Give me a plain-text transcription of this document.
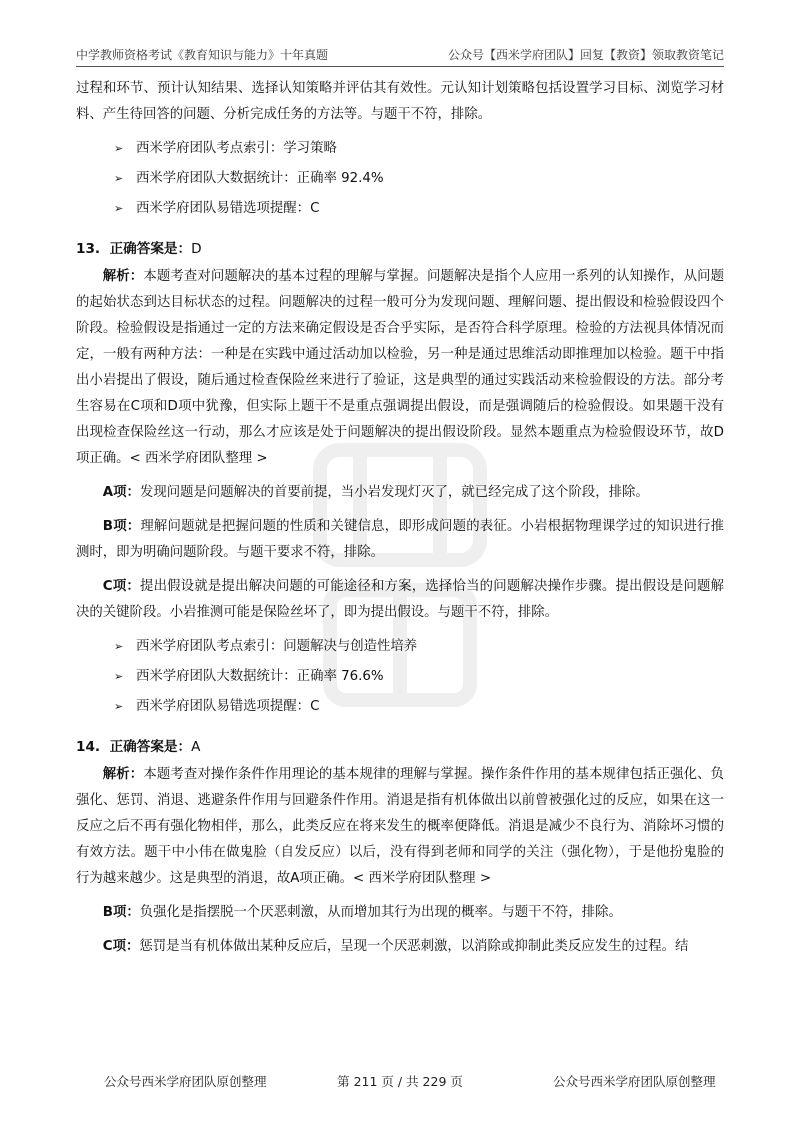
中学教师资格考试《教育知识与能力》十年真题	公众号【西米学府团队】回复【教资】领取教资笔记

过程和环节、预计认知结果、选择认知策略并评估其有效性。元认知计划策略包括设置学习目标、浏览学习材料、产生待回答的问题、分析完成任务的方法等。与题干不符，排除。

➢ 西米学府团队考点索引：学习策略
➢ 西米学府团队大数据统计：正确率 92.4%
➢ 西米学府团队易错选项提醒：C
13. 正确答案是：D

解析：本题考查对问题解决的基本过程的理解与掌握。问题解决是指个人应用一系列的认知操作，从问题的起始状态到达目标状态的过程。问题解决的过程一般可分为发现问题、理解问题、提出假设和检验假设四个阶段。检验假设是指通过一定的方法来确定假设是否合乎实际，是否符合科学原理。检验的方法视具体情况而定，一般有两种方法：一种是在实践中通过活动加以检验，另一种是通过思维活动即推理加以检验。题干中指出小岩提出了假设，随后通过检查保险丝来进行了验证，这是典型的通过实践活动来检验假设的方法。部分考生容易在C项和D项中犹豫，但实际上题干不是重点强调提出假设，而是强调随后的检验假设。如果题干没有出现检查保险丝这一行动，那么才应该是处于问题解决的提出假设阶段。显然本题重点为检验假设环节，故D项正确。< 西米学府团队整理 >

A项：发现问题是问题解决的首要前提，当小岩发现灯灭了，就已经完成了这个阶段，排除。

B项：理解问题就是把握问题的性质和关键信息，即形成问题的表征。小岩根据物理课学过的知识进行推测时，即为明确问题阶段。与题干要求不符，排除。

C项：提出假设就是提出解决问题的可能途径和方案，选择恰当的问题解决操作步骤。提出假设是问题解决的关键阶段。小岩推测可能是保险丝坏了，即为提出假设。与题干不符，排除。

➢ 西米学府团队考点索引：问题解决与创造性培养
➢ 西米学府团队大数据统计：正确率 76.6%
➢ 西米学府团队易错选项提醒：C
14. 正确答案是：A

解析：本题考查对操作条件作用理论的基本规律的理解与掌握。操作条件作用的基本规律包括正强化、负强化、惩罚、消退、逃避条件作用与回避条件作用。消退是指有机体做出以前曾被强化过的反应，如果在这一反应之后不再有强化物相伴，那么，此类反应在将来发生的概率便降低。消退是减少不良行为、消除坏习惯的有效方法。题干中小伟在做鬼脸（自发反应）以后，没有得到老师和同学的关注（强化物），于是他扮鬼脸的行为越来越少。这是典型的消退，故A项正确。< 西米学府团队整理 >

B项：负强化是指摆脱一个厌恶刺激，从而增加其行为出现的概率。与题干不符，排除。

C项：惩罚是当有机体做出某种反应后，呈现一个厌恶刺激，以消除或抑制此类反应发生的过程。结

公众号西米学府团队原创整理	第 211 页 / 共 229 页	公众号西米学府团队原创整理
